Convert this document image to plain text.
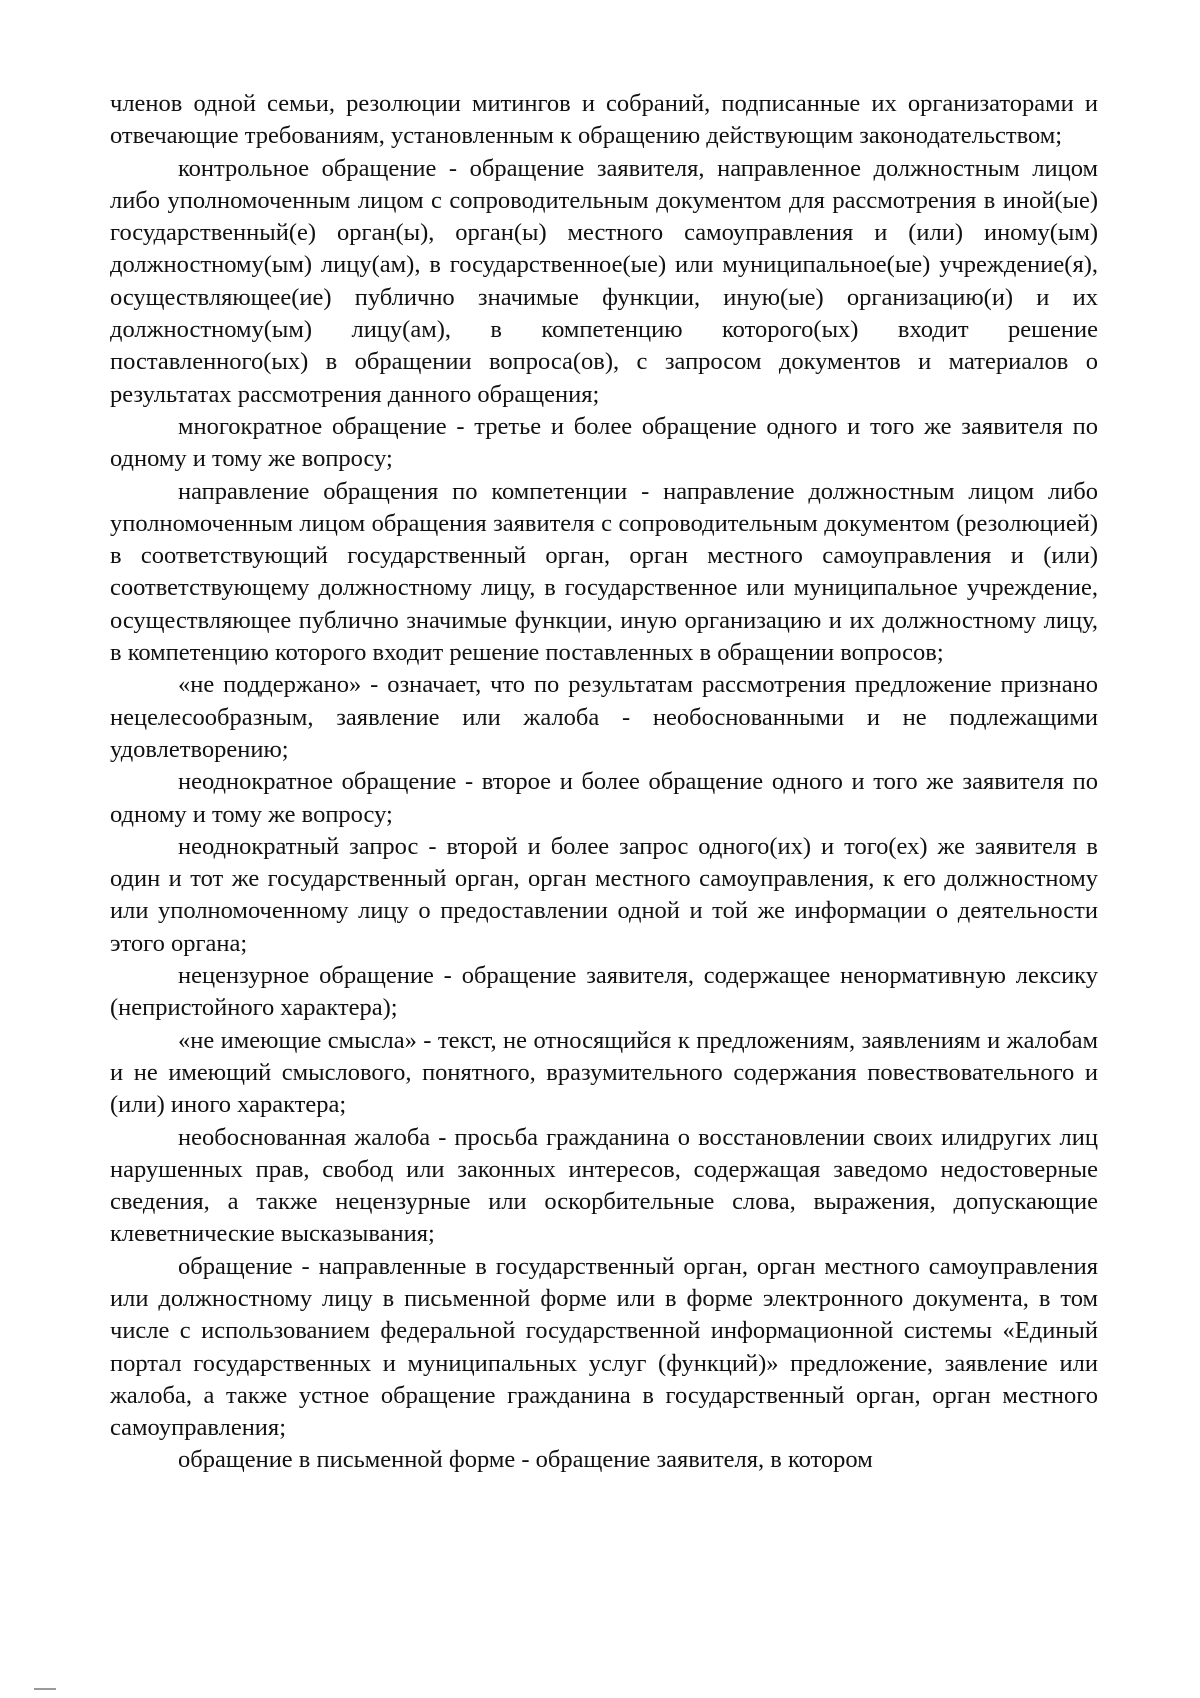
членов одной семьи, резолюции митингов и собраний, подписанные их организаторами и отвечающие требованиям, установленным к обращению действующим законодательством;

контрольное обращение - обращение заявителя, направленное должностным лицом либо уполномоченным лицом с сопроводительным документом для рассмотрения в иной(ые) государственный(е) орган(ы), орган(ы) местного самоуправления и (или) иному(ым) должностному(ым) лицу(ам), в государственное(ые) или муниципальное(ые) учреждение(я), осуществляющее(ие) публично значимые функции, иную(ые) организацию(и) и их должностному(ым) лицу(ам), в компетенцию которого(ых) входит решение поставленного(ых) в обращении вопроса(ов), с запросом документов и материалов о результатах рассмотрения данного обращения;

многократное обращение - третье и более обращение одного и того же заявителя по одному и тому же вопросу;

направление обращения по компетенции - направление должностным лицом либо уполномоченным лицом обращения заявителя с сопроводительным документом (резолюцией) в соответствующий государственный орган, орган местного самоуправления и (или) соответствующему должностному лицу, в государственное или муниципальное учреждение, осуществляющее публично значимые функции, иную организацию и их должностному лицу, в компетенцию которого входит решение поставленных в обращении вопросов;

«не поддержано» - означает, что по результатам рассмотрения предложение признано нецелесообразным, заявление или жалоба - необоснованными и не подлежащими удовлетворению;

неоднократное обращение - второе и более обращение одного и того же заявителя по одному и тому же вопросу;

неоднократный запрос - второй и более запрос одного(их) и того(ех) же заявителя в один и тот же государственный орган, орган местного самоуправления, к его должностному или уполномоченному лицу о предоставлении одной и той же информации о деятельности этого органа;

нецензурное обращение - обращение заявителя, содержащее ненормативную лексику (непристойного характера);

«не имеющие смысла» - текст, не относящийся к предложениям, заявлениям и жалобам и не имеющий смыслового, понятного, вразумительного содержания повествовательного и (или) иного характера;

необоснованная жалоба - просьба гражданина о восстановлении своих илидругих лиц нарушенных прав, свобод или законных интересов, содержащая заведомо недостоверные сведения, а также нецензурные или оскорбительные слова, выражения, допускающие клеветнические высказывания;

обращение - направленные в государственный орган, орган местного самоуправления или должностному лицу в письменной форме или в форме электронного документа, в том числе с использованием федеральной государственной информационной системы «Единый портал государственных и муниципальных услуг (функций)» предложение, заявление или жалоба, а также устное обращение гражданина в государственный орган, орган местного самоуправления;

обращение в письменной форме - обращение заявителя, в котором
